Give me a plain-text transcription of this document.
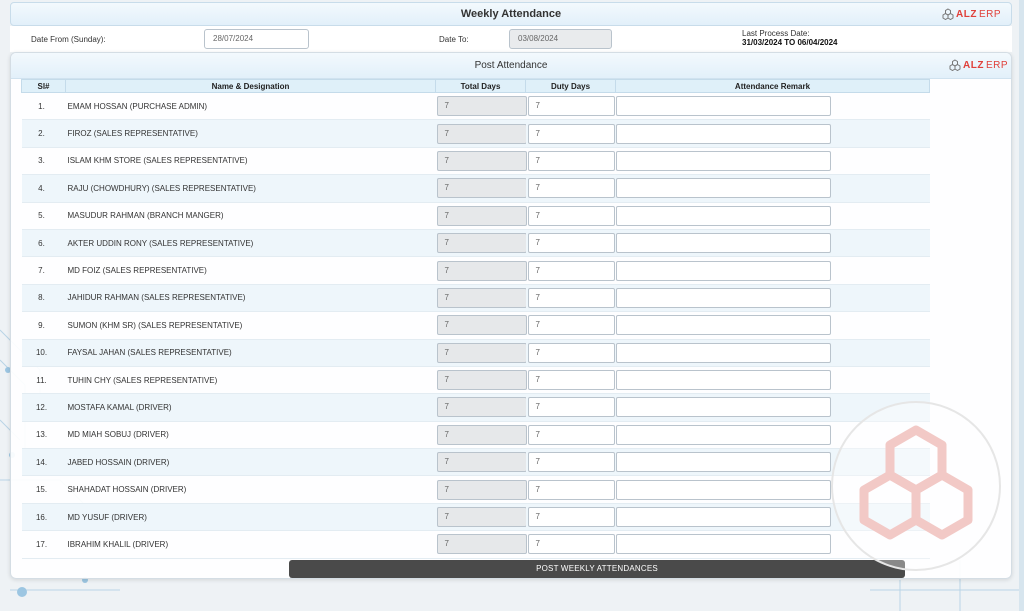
Weekly Attendance	ALZ ERP
Date From (Sunday):	28/07/2024	Date To:	03/08/2024
Last Process Date:
31/03/2024 TO 06/04/2024
Post Attendance	ALZ ERP
Sl#	Name & Designation	Total Days	Duty Days	Attendance Remark
1.	EMAM HOSSAN (PURCHASE ADMIN)	7	7	

2.	FIROZ (SALES REPRESENTATIVE)	7	7	

3.	ISLAM KHM STORE (SALES REPRESENTATIVE)	7	7	

4.	RAJU (CHOWDHURY) (SALES REPRESENTATIVE)	7	7	

5.	MASUDUR RAHMAN (BRANCH MANGER)	7	7	

6.	AKTER UDDIN RONY (SALES REPRESENTATIVE)	7	7	

7.	MD FOIZ (SALES REPRESENTATIVE)	7	7	

8.	JAHIDUR RAHMAN (SALES REPRESENTATIVE)	7	7	

9.	SUMON (KHM SR) (SALES REPRESENTATIVE)	7	7	

10.	FAYSAL JAHAN (SALES REPRESENTATIVE)	7	7	

11.	TUHIN CHY (SALES REPRESENTATIVE)	7	7	

12.	MOSTAFA KAMAL (DRIVER)	7	7	

13.	MD MIAH SOBUJ (DRIVER)	7	7	

14.	JABED HOSSAIN (DRIVER)	7	7	

15.	SHAHADAT HOSSAIN (DRIVER)	7	7	

16.	MD YUSUF (DRIVER)	7	7	

17.	IBRAHIM KHALIL (DRIVER)	7	7	

POST WEEKLY ATTENDANCES
